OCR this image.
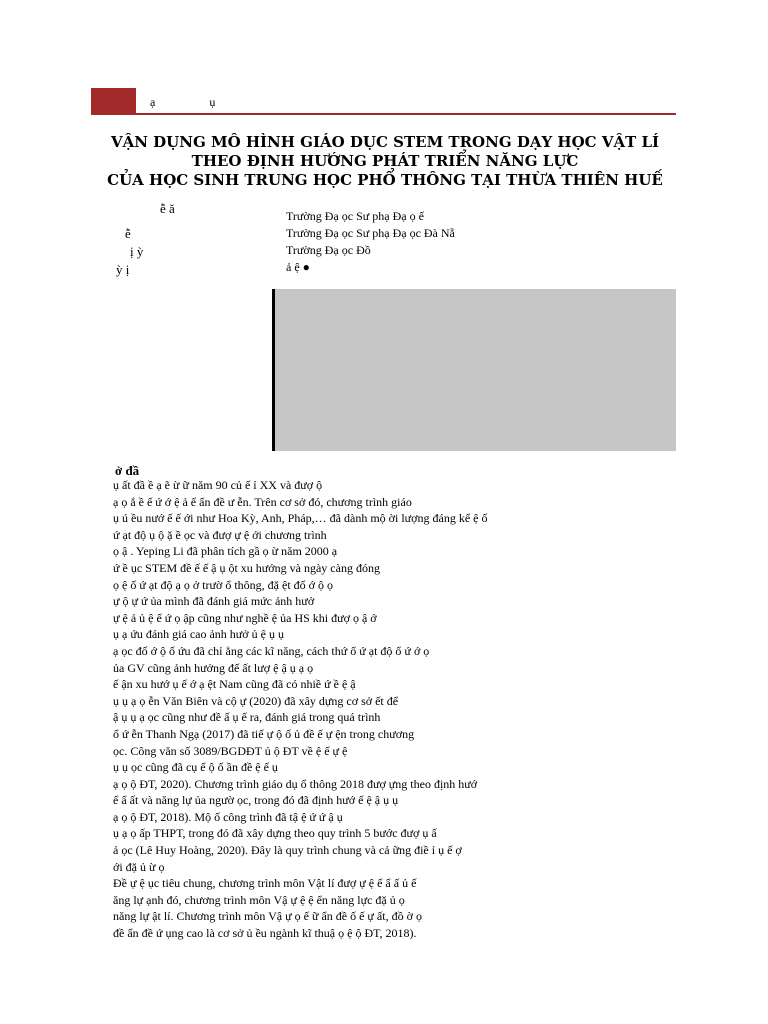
ạ	ụ
VẬN DỤNG MÔ HÌNH GIÁO DỤC STEM TRONG DẠY HỌC VẬT LÍ
THEO ĐỊNH HƯỚNG PHÁT TRIỂN NĂNG LỰC
CỦA HỌC SINH TRUNG HỌC PHỔ THÔNG TẠI THỪA THIÊN HUẾ
ễ ă
ễ
ị ỳ
ỳ ị
Trường Đạ ọc Sư phạ Đạ ọ ế
Trường Đạ ọc Sư phạ Đạ ọc Đà Nẵ
Trường Đạ ọc Đồ
ả ệ ●
ở đầ
ụ ất đầ ề ạ ẽ ừ ữ năm 90 củ ế ỉ XX và đượ ộ
ạ ọ ắ ề ế ứ ớ ệ ả ế ẩn đề ư ễn. Trên cơ sở đó, chương trình giáo
ụ ú ều nướ ế ế ới như Hoa Kỳ, Anh, Pháp,… đã dành mộ ời lượng đáng kể ệ ố
ứ ạt độ ụ ộ ặ ề ọc và đượ ự ệ ới chương trình
ọ ậ . Yeping Li đã phân tích gầ ọ ừ năm 2000 ạ
ứ ề ục STEM đề ế ế ậ ụ ột xu hướng và ngày càng đóng
ọ ệ ố ứ ạt độ ạ ọ ở trườ ổ thông, đặ ệt đố ớ ộ ọ
ự ộ ự ứ ủa mình đã đánh giá mức ảnh hưở
ự ệ ả ủ ệ ể ứ ọ ập cũng như nghề ệ ủa HS khi đượ ọ ậ ớ
ụ ạ ứu đánh giá cao ảnh hưở ủ ệ ụ ụ
ạ ọc đố ớ ộ ố ứu đã chỉ ằng các kĩ năng, cách thứ ổ ứ ạt độ ổ ứ ớ ọ
ủa GV cũng ảnh hưởng đế ất lượ ệ ậ ụ ạ ọ
ế ận xu hướ ụ ế ớ ạ ệt Nam cũng đã có nhiề ứ ề ệ ậ
ụ ụ ạ ọ ễn Văn Biên và cộ ự (2020) đã xây dựng cơ sở ết để
ậ ụ ụ ạ ọc cũng như đề ấ ụ ế ra, đánh giá trong quá trình
ổ ứ ễn Thanh Ngạ (2017) đã tiế ự ộ ố ủ đề ế ự ện trong chương
ọc. Công văn số 3089/BGDĐT ủ ộ ĐT về ệ ế ự ệ
ụ ụ ọc cũng đã cụ ể ộ ố ần đề ệ ế ụ
ạ ọ ộ ĐT, 2020). Chương trình giáo dụ ổ thông 2018 đượ ựng theo định hướ
ể ẩ ất và năng lự ủa ngườ ọc, trong đó đã định hướ ế ệ ậ ụ ụ
ạ ọ ộ ĐT, 2018). Mộ ố công trình đã tậ ệ ứ ứ ậ ụ
ụ ạ ọ ấp THPT, trong đó đã xây dựng theo quy trình 5 bước đượ ụ ấ
ả ọc (Lê Huy Hoàng, 2020). Đây là quy trình chung và cả ững điề ỉ ụ ế ợ
ới đặ ủ ừ ọ
Đề ự ệ ục tiêu chung, chương trình môn Vật lí đượ ự ệ ể ẩ ấ ủ ế
ăng lự ạnh đó, chương trình môn Vậ ự ệ ệ ển năng lực đặ ủ ọ
năng lự ật lí. Chương trình môn Vậ ự ọ ế ữ ẩn đề ố ế ự ất, đồ ờ ọ
đề ẩn đề ứ ụng cao là cơ sở ủ ều ngành kĩ thuậ ọ ệ ộ ĐT, 2018).
